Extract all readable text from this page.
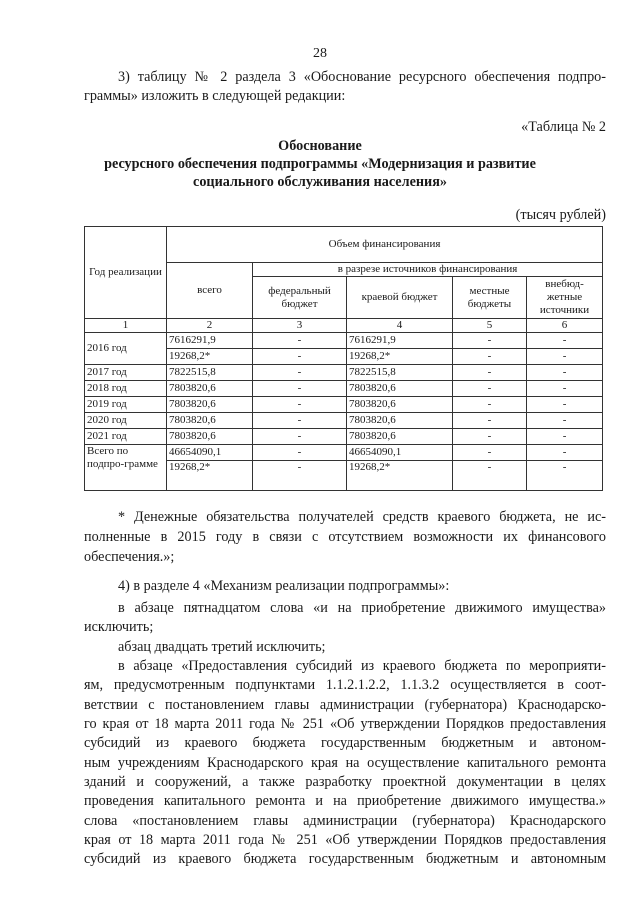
28
3) таблицу № 2 раздела 3 «Обоснование ресурсного обеспечения подпро-
граммы» изложить в следующей редакции:
«Таблица № 2
Обоснование
ресурсного обеспечения подпрограммы «Модернизация и развитие
социального обслуживания населения»
(тысяч рублей)
Год реализации	Объем финансирования				
	всего	в разрезе источников финансирования			
		федеральный бюджет	краевой бюджет	местные бюджеты	внебюд-жетные источники
1	2	3	4	5	6
2016 год	7616291,9	-	7616291,9	-	-
	19268,2*	-	19268,2*	-	-
2017 год	7822515,8	-	7822515,8	-	-
2018 год	7803820,6	-	7803820,6	-	-
2019 год	7803820,6	-	7803820,6	-	-
2020 год	7803820,6	-	7803820,6	-	-
2021 год	7803820,6	-	7803820,6	-	-
Всего по подпро-грамме	46654090,1	-	46654090,1	-	-
	19268,2*	-	19268,2*	-	-
* Денежные обязательства получателей средств краевого бюджета, не ис-
полненные в 2015 году в связи с отсутствием возможности их финансового
обеспечения.»;
4) в разделе 4 «Механизм реализации подпрограммы»:
в абзаце пятнадцатом слова «и на приобретение движимого имущества»
исключить;
абзац двадцать третий исключить;
в абзаце «Предоставления субсидий из краевого бюджета по мероприяти-
ям, предусмотренным подпунктами 1.1.2.1.2.2, 1.1.3.2 осуществляется в соот-
ветствии с постановлением главы администрации (губернатора) Краснодарско-
го края от 18 марта 2011 года № 251 «Об утверждении Порядков предоставления
субсидий из краевого бюджета государственным бюджетным и автоном-
ным учреждениям Краснодарского края на осуществление капитального ремонта
зданий и сооружений, а также разработку проектной документации в целях
проведения капитального ремонта и на приобретение движимого имущества.»
слова «постановлением главы администрации (губернатора) Краснодарского
края от 18 марта 2011 года № 251 «Об утверждении Порядков предоставления
субсидий из краевого бюджета государственным бюджетным и автономным
